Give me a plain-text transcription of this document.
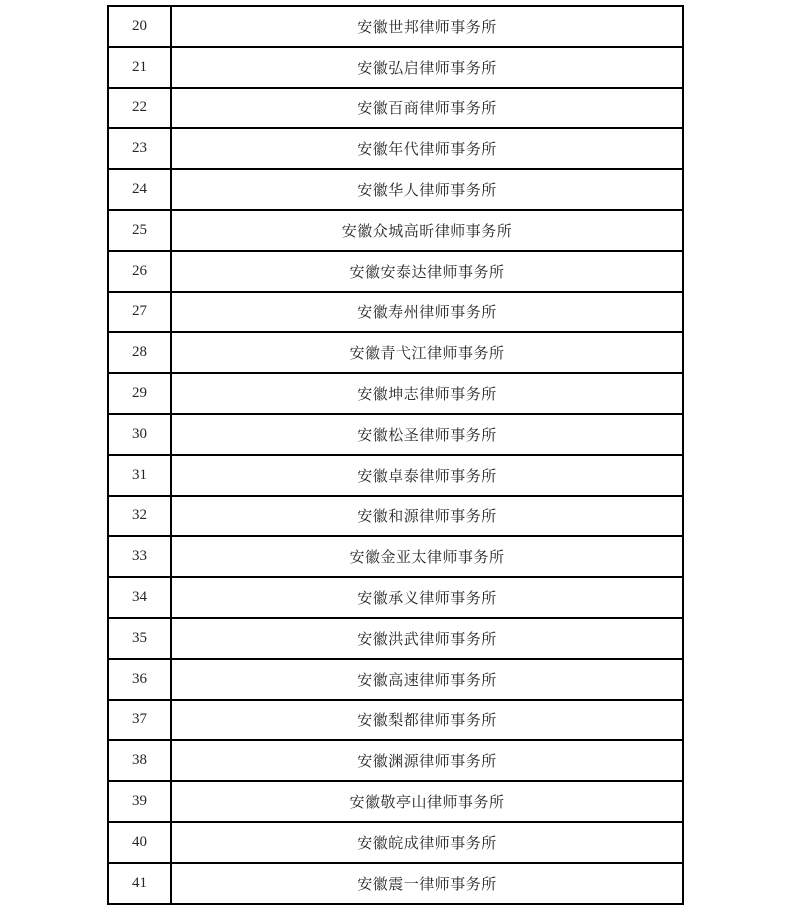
20	安徽世邦律师事务所
21	安徽弘启律师事务所
22	安徽百商律师事务所
23	安徽年代律师事务所
24	安徽华人律师事务所
25	安徽众城高昕律师事务所
26	安徽安泰达律师事务所
27	安徽寿州律师事务所
28	安徽青弋江律师事务所
29	安徽坤志律师事务所
30	安徽松圣律师事务所
31	安徽卓泰律师事务所
32	安徽和源律师事务所
33	安徽金亚太律师事务所
34	安徽承义律师事务所
35	安徽洪武律师事务所
36	安徽高速律师事务所
37	安徽梨都律师事务所
38	安徽渊源律师事务所
39	安徽敬亭山律师事务所
40	安徽皖成律师事务所
41	安徽震一律师事务所
